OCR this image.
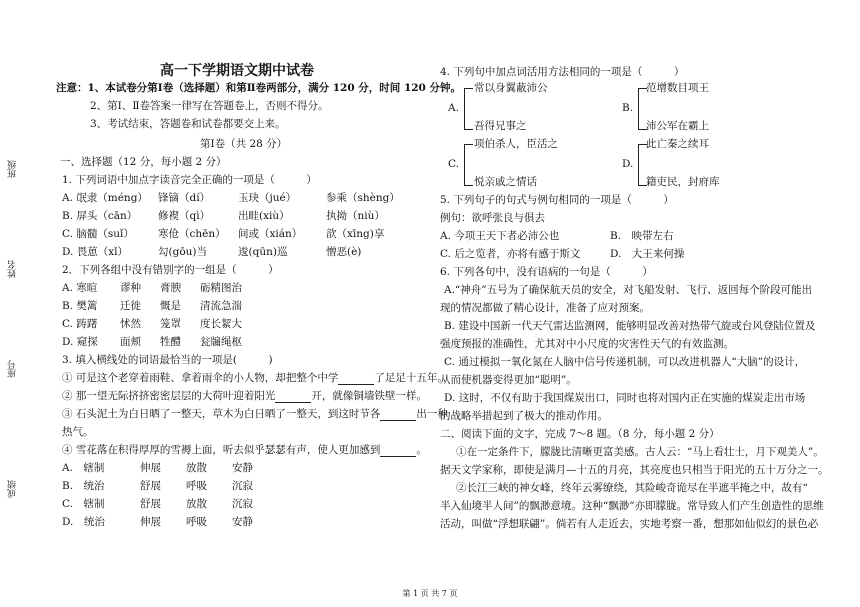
班级
姓名
座号
成绩
高一下学期语文期中试卷
注意：1、本试卷分第Ⅰ卷（选择题）和第Ⅱ卷两部分，满分 120 分，时间 120 分钟。
2、第Ⅰ、Ⅱ卷答案一律写在答题卷上，否则不得分。
3、考试结束，答题卷和试卷都要交上来。
第Ⅰ卷（共 28 分）
一、选择题（12 分，每小题 2 分）
1. 下列词语中加点字读音完全正确的一项是（　　　）
A. 氓隶（méng） 锋镝（dí）	玉玦（jué）	参乘（shèng）
B. 屏头（cān） 修褉（qì）	出畦(xiù）	执拗（niù）
C. 脑髓（suǐ） 寒伧（chēn） 间或（xián） 歆（xīng)享
D. 畏葸（xǐ）	勾(gōu)当	逡(qūn)巡	憎恶(è)
2．下列各组中没有错别字的一组是（　　　）
A. 寒暄 谬种 膏腴 砺精图治
B. 樊篱 迁徙 慨是 清流急湍
C. 踌躇 怵然 笼罩 度长絜大
D. 窥探 面颊 牲醴 瓮牖绳枢
3. 填入横线处的词语最恰当的一项是(　　　)
① 可是这个老穿着雨鞋、拿着雨伞的小人物，却把整个中学	了足足十五年。
② 那一望无际挤挤密密层层的大荷叶迎着阳光	开，就像铜墙铁壁一样。
③ 石头泥土为白日晒了一整天，草木为白日晒了一整天，到这时节各	出一种
热气。
④ 雪花落在积得厚厚的雪褥上面，听去似乎瑟瑟有声，使人更加感到	。
A.　辖制	伸展 放散 安静
B.　统治	舒展 呼吸 沉寂
C.　辖制	舒展 放散 沉寂
D.　统治	伸展 呼吸 安静
4. 下列句中加点词活用方法相同的一项是（　　　）
A.
常以身翼蔽沛公
吾得兄事之
B.
范增数目项王
沛公军在霸上
C.
项伯杀人，臣活之
悦亲戚之情话
D.
此亡秦之续耳
籍吏民，封府库
5. 下列句子的句式与例句相同的一项是（　　　）
例句：欲呼张良与俱去
A. 今项王天下者必沛公也	B.　映带左右
C. 后之览者，亦将有感于斯文	D.　大王来何操
6. 下列各句中，没有语病的一句是（　　　）
A.“神舟”五号为了确保航天员的安全，对飞船发射、飞行、返回每个阶段可能出
现的情况都做了精心设计，准备了应对预案。
B. 建设中国新一代天气雷达监测网，能够明显改善对热带气旋或台风登陆位置及
强度预报的准确性，尤其对中小尺度的灾害性天气的有效监测。
C. 通过模拟一氧化氮在人脑中信号传递机制，可以改进机器人“大脑”的设计，
从而使机器变得更加“聪明”。
D. 这时，不仅有助于我国煤炭出口，同时也将对国内正在实施的煤炭走出市场
的战略举措起到了极大的推动作用。
二、阅读下面的文字，完成 7～8 题。（8 分，每小题 2 分）
①在一定条件下，朦胧比清晰更富美感。古人云：“马上看壮士，月下观美人”。
据天文学家称，即使是满月—十五的月亮，其亮度也只相当于阳光的五十万分之一。
②长江三峡的神女峰，终年云雾缭绕，其险峻奇诡尽在半遮半掩之中，故有“
半入仙境半人间”的飘渺意境。这种“飘渺”亦即朦胧。常导致人们产生创造性的思维
活动，叫做“浮想联翩”。倘若有人走近去，实地考察一番，想那如仙似幻的景色必
第 1 页 共 7 页
